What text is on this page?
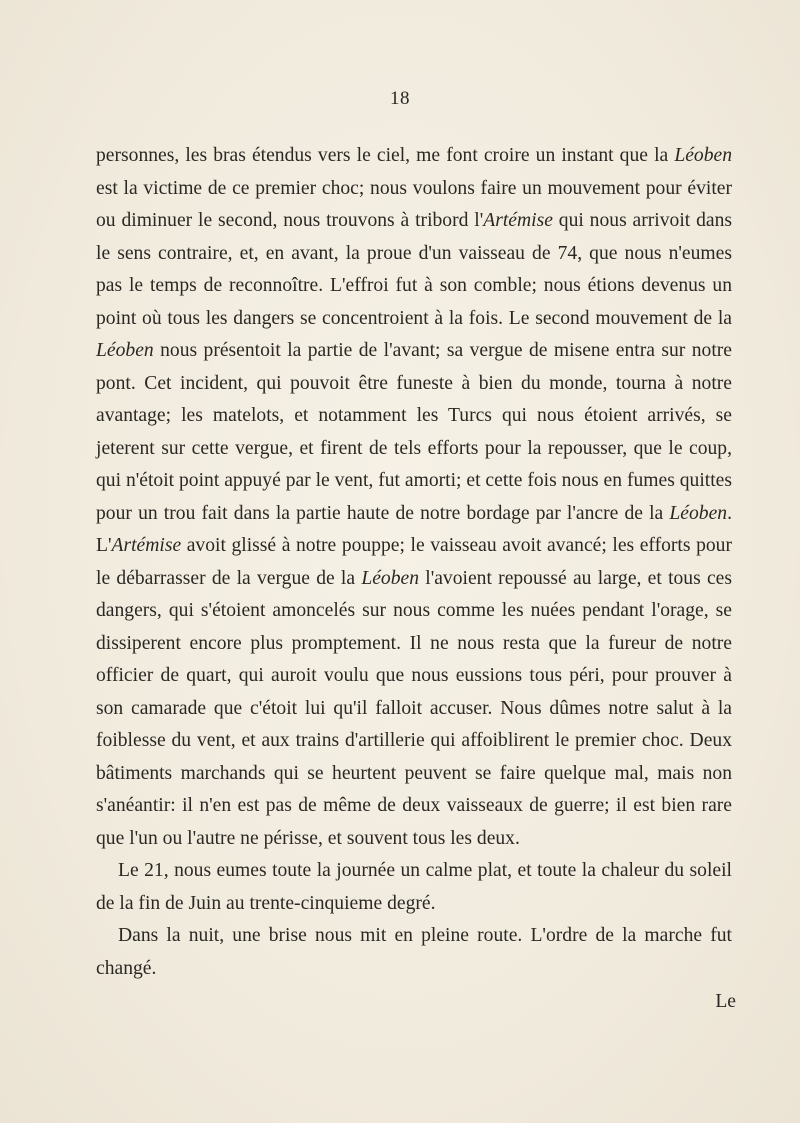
18

personnes, les bras étendus vers le ciel, me font croire un instant que la Léoben est la victime de ce premier choc; nous voulons faire un mouvement pour éviter ou diminuer le second, nous trouvons à tribord l'Artémise qui nous arrivoit dans le sens contraire, et, en avant, la proue d'un vaisseau de 74, que nous n'eumes pas le temps de reconnoître. L'effroi fut à son comble; nous étions devenus un point où tous les dangers se concentroient à la fois. Le second mouvement de la Léoben nous présentoit la partie de l'avant; sa vergue de misene entra sur notre pont. Cet incident, qui pouvoit être funeste à bien du monde, tourna à notre avantage; les matelots, et notamment les Turcs qui nous étoient arrivés, se jeterent sur cette vergue, et firent de tels efforts pour la repousser, que le coup, qui n'étoit point appuyé par le vent, fut amorti; et cette fois nous en fumes quittes pour un trou fait dans la partie haute de notre bordage par l'ancre de la Léoben. L'Artémise avoit glissé à notre pouppe; le vaisseau avoit avancé; les efforts pour le débarrasser de la vergue de la Léoben l'avoient repoussé au large, et tous ces dangers, qui s'étoient amoncelés sur nous comme les nuées pendant l'orage, se dissiperent encore plus promptement. Il ne nous resta que la fureur de notre officier de quart, qui auroit voulu que nous eussions tous péri, pour prouver à son camarade que c'étoit lui qu'il falloit accuser. Nous dûmes notre salut à la foiblesse du vent, et aux trains d'artillerie qui affoiblirent le premier choc. Deux bâtiments marchands qui se heurtent peuvent se faire quelque mal, mais non s'anéantir: il n'en est pas de même de deux vaisseaux de guerre; il est bien rare que l'un ou l'autre ne périsse, et souvent tous les deux.

Le 21, nous eumes toute la journée un calme plat, et toute la chaleur du soleil de la fin de Juin au trente-cinquieme degré.

Dans la nuit, une brise nous mit en pleine route. L'ordre de la marche fut changé.

Le
